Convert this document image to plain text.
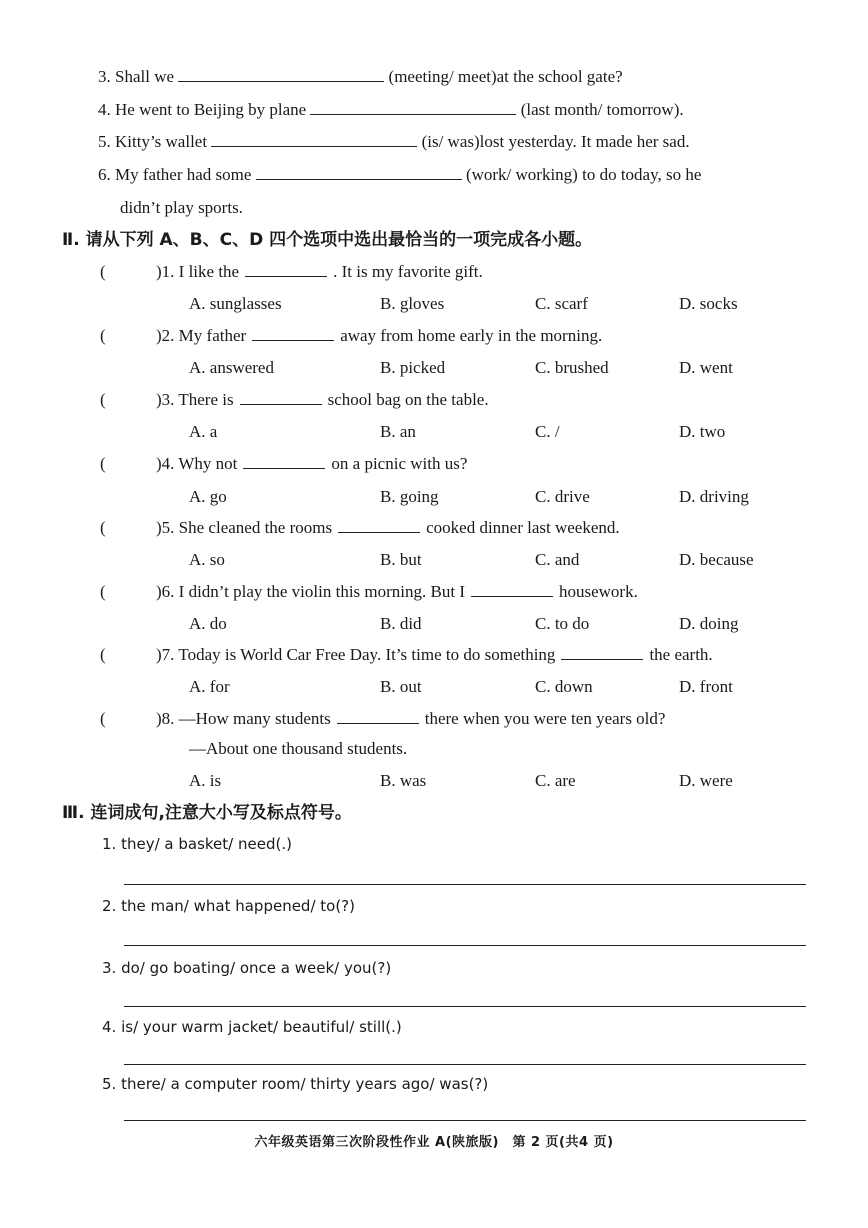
3. Shall we	(meeting/ meet)at the school gate?
4. He went to Beijing by plane	(last month/ tomorrow).
5. Kitty’s wallet	(is/ was)lost yesterday. It made her sad.
6. My father had some	(work/ working) to do today, so he
didn’t play sports.
Ⅱ. 请从下列 A、B、C、D 四个选项中选出最恰当的一项完成各小题。
(	)1. I like the	. It is my favorite gift.
A. sunglasses	B. gloves	C. scarf	D. socks
(	)2. My father	away from home early in the morning.
A. answered	B. picked	C. brushed	D. went
(	)3. There is	school bag on the table.
A. a	B. an	C. /	D. two
(	)4. Why not	on a picnic with us?
A. go	B. going	C. drive	D. driving
(	)5. She cleaned the rooms	cooked dinner last weekend.
A. so	B. but	C. and	D. because
(	)6. I didn’t play the violin this morning. But I	housework.
A. do	B. did	C. to do	D. doing
(	)7. Today is World Car Free Day. It’s time to do something	the earth.
A. for	B. out	C. down	D. front
(	)8. —How many students	there when you were ten years old?
A. is	B. was	C. are	D. were
—About one thousand students.
Ⅲ. 连词成句,注意大小写及标点符号。
1. they/ a basket/ need(.)
2. the man/ what happened/ to(?)
3. do/ go boating/ once a week/ you(?)
4. is/ your warm jacket/ beautiful/ still(.)
5. there/ a computer room/ thirty years ago/ was(?)
六年级英语第三次阶段性作业 A(陕旅版)　第 2 页(共4 页)
